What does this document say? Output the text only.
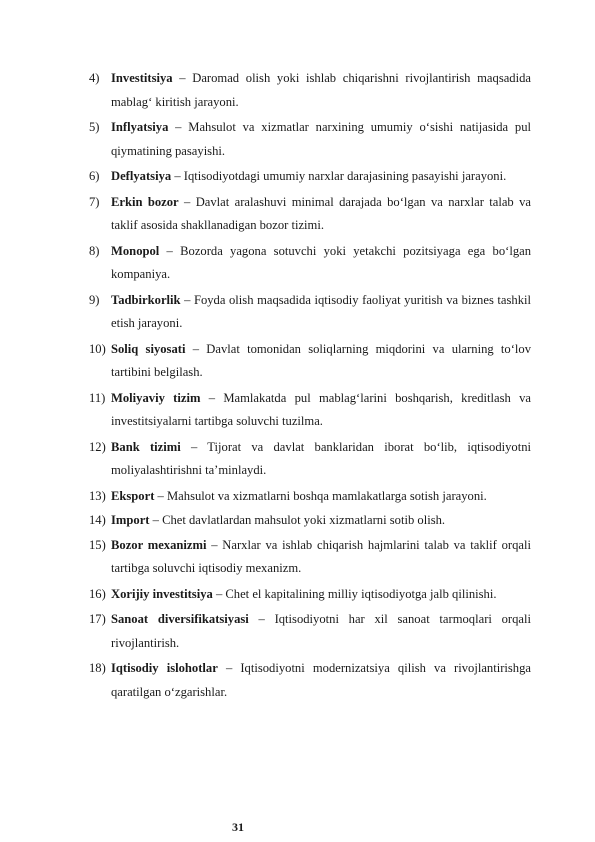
4) Investitsiya – Daromad olish yoki ishlab chiqarishni rivojlantirish maqsadida mablag‘ kiritish jarayoni.
5) Inflyatsiya – Mahsulot va xizmatlar narxining umumiy o‘sishi natijasida pul qiymatining pasayishi.
6) Deflyatsiya – Iqtisodiyotdagi umumiy narxlar darajasining pasayishi jarayoni.
7) Erkin bozor – Davlat aralashuvi minimal darajada bo‘lgan va narxlar talab va taklif asosida shakllanadigan bozor tizimi.
8) Monopol – Bozorda yagona sotuvchi yoki yetakchi pozitsiyaga ega bo‘lgan kompaniya.
9) Tadbirkorlik – Foyda olish maqsadida iqtisodiy faoliyat yuritish va biznes tashkil etish jarayoni.
10) Soliq siyosati – Davlat tomonidan soliqlarning miqdorini va ularning to‘lov tartibini belgilash.
11) Moliyaviy tizim – Mamlakatda pul mablag‘larini boshqarish, kreditlash va investitsiyalarni tartibga soluvchi tuzilma.
12) Bank tizimi – Tijorat va davlat banklaridan iborat bo‘lib, iqtisodiyotni moliyalashtirishni ta’minlaydi.
13) Eksport – Mahsulot va xizmatlarni boshqa mamlakatlarga sotish jarayoni.
14) Import – Chet davlatlardan mahsulot yoki xizmatlarni sotib olish.
15) Bozor mexanizmi – Narxlar va ishlab chiqarish hajmlarini talab va taklif orqali tartibga soluvchi iqtisodiy mexanizm.
16) Xorijiy investitsiya – Chet el kapitalining milliy iqtisodiyotga jalb qilinishi.
17) Sanoat diversifikatsiyasi – Iqtisodiyotni har xil sanoat tarmoqlari orqali rivojlantirish.
18) Iqtisodiy islohotlar – Iqtisodiyotni modernizatsiya qilish va rivojlantirishga qaratilgan o‘zgarishlar.
31
